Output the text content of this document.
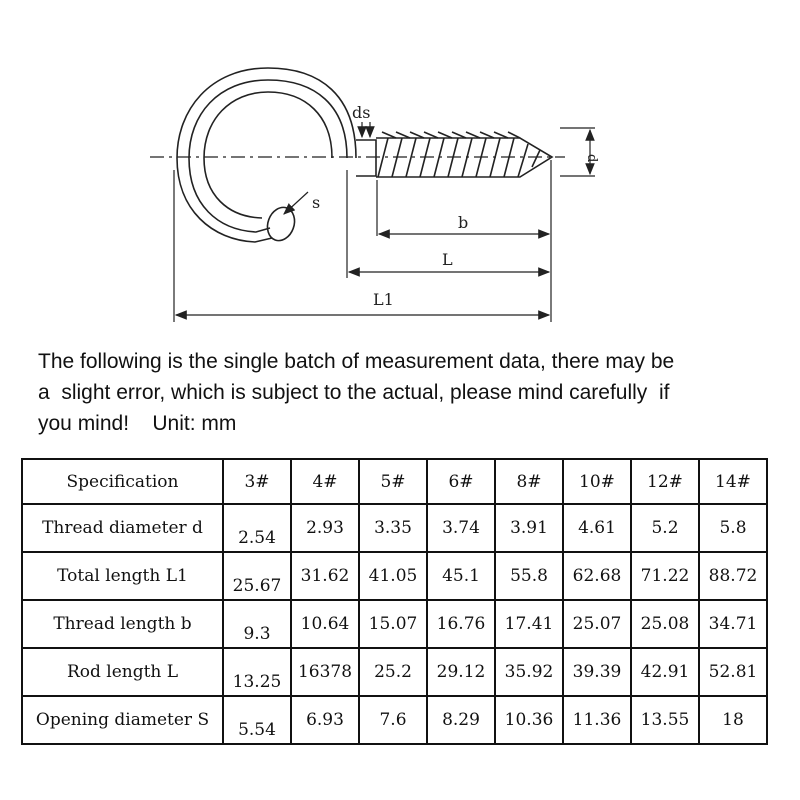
ds
d
s
b
L
L1
The following is the single batch of measurement data, there may be
a  slight error, which is subject to the actual, please mind carefully  if
you mind!    Unit: mm
Specification	3#	4#	5#	6#	8#	10#	12#	14#
Thread diameter d	2.54	2.93	3.35	3.74	3.91	4.61	5.2	5.8
Total length L1	25.67	31.62	41.05	45.1	55.8	62.68	71.22	88.72
Thread length b	9.3	10.64	15.07	16.76	17.41	25.07	25.08	34.71
Rod length L	13.25	16378	25.2	29.12	35.92	39.39	42.91	52.81
Opening diameter S	5.54	6.93	7.6	8.29	10.36	11.36	13.55	18
